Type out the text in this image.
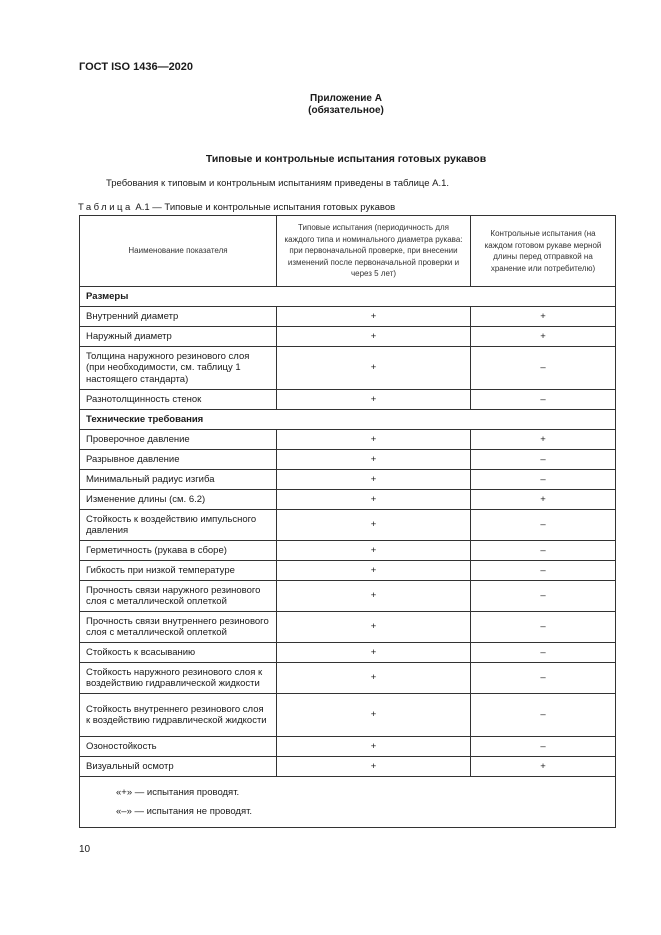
ГОСТ ISO 1436—2020
Приложение А
(обязательное)
Типовые и контрольные испытания готовых рукавов
Требования к типовым и контрольным испытаниям приведены в таблице А.1.
Таблица А.1 — Типовые и контрольные испытания готовых рукавов
Наименование показателя	Типовые испытания (периодичность для каждого типа и номинального диаметра рукава: при первоначальной проверке, при внесении изменений после первоначальной проверки и через 5 лет)	Контрольные испытания (на каждом готовом рукаве мерной длины перед отправкой на хранение или потребителю)
Размеры		
Внутренний диаметр	+	+
Наружный диаметр	+	+
Толщина наружного резинового слоя (при необходимости, см. таблицу 1 настоящего стандарта)	+	–
Разнотолщинность стенок	+	–
Технические требования		
Проверочное давление	+	+
Разрывное давление	+	–
Минимальный радиус изгиба	+	–
Изменение длины (см. 6.2)	+	+
Стойкость к воздействию импульсного давления	+	–
Герметичность (рукава в сборе)	+	–
Гибкость при низкой температуре	+	–
Прочность связи наружного резинового слоя с металлической оплеткой	+	–
Прочность связи внутреннего резинового слоя с металлической оплеткой	+	–
Стойкость к всасыванию	+	–
Стойкость наружного резинового слоя к воздействию гидравлической жидкости	+	–
Стойкость внутреннего резинового слоя к воздействию гидравлической жидкости	+	–
Озоностойкость	+	–
Визуальный осмотр	+	+

«+» — испытания проводят.
«–» — испытания не проводят.		
10
